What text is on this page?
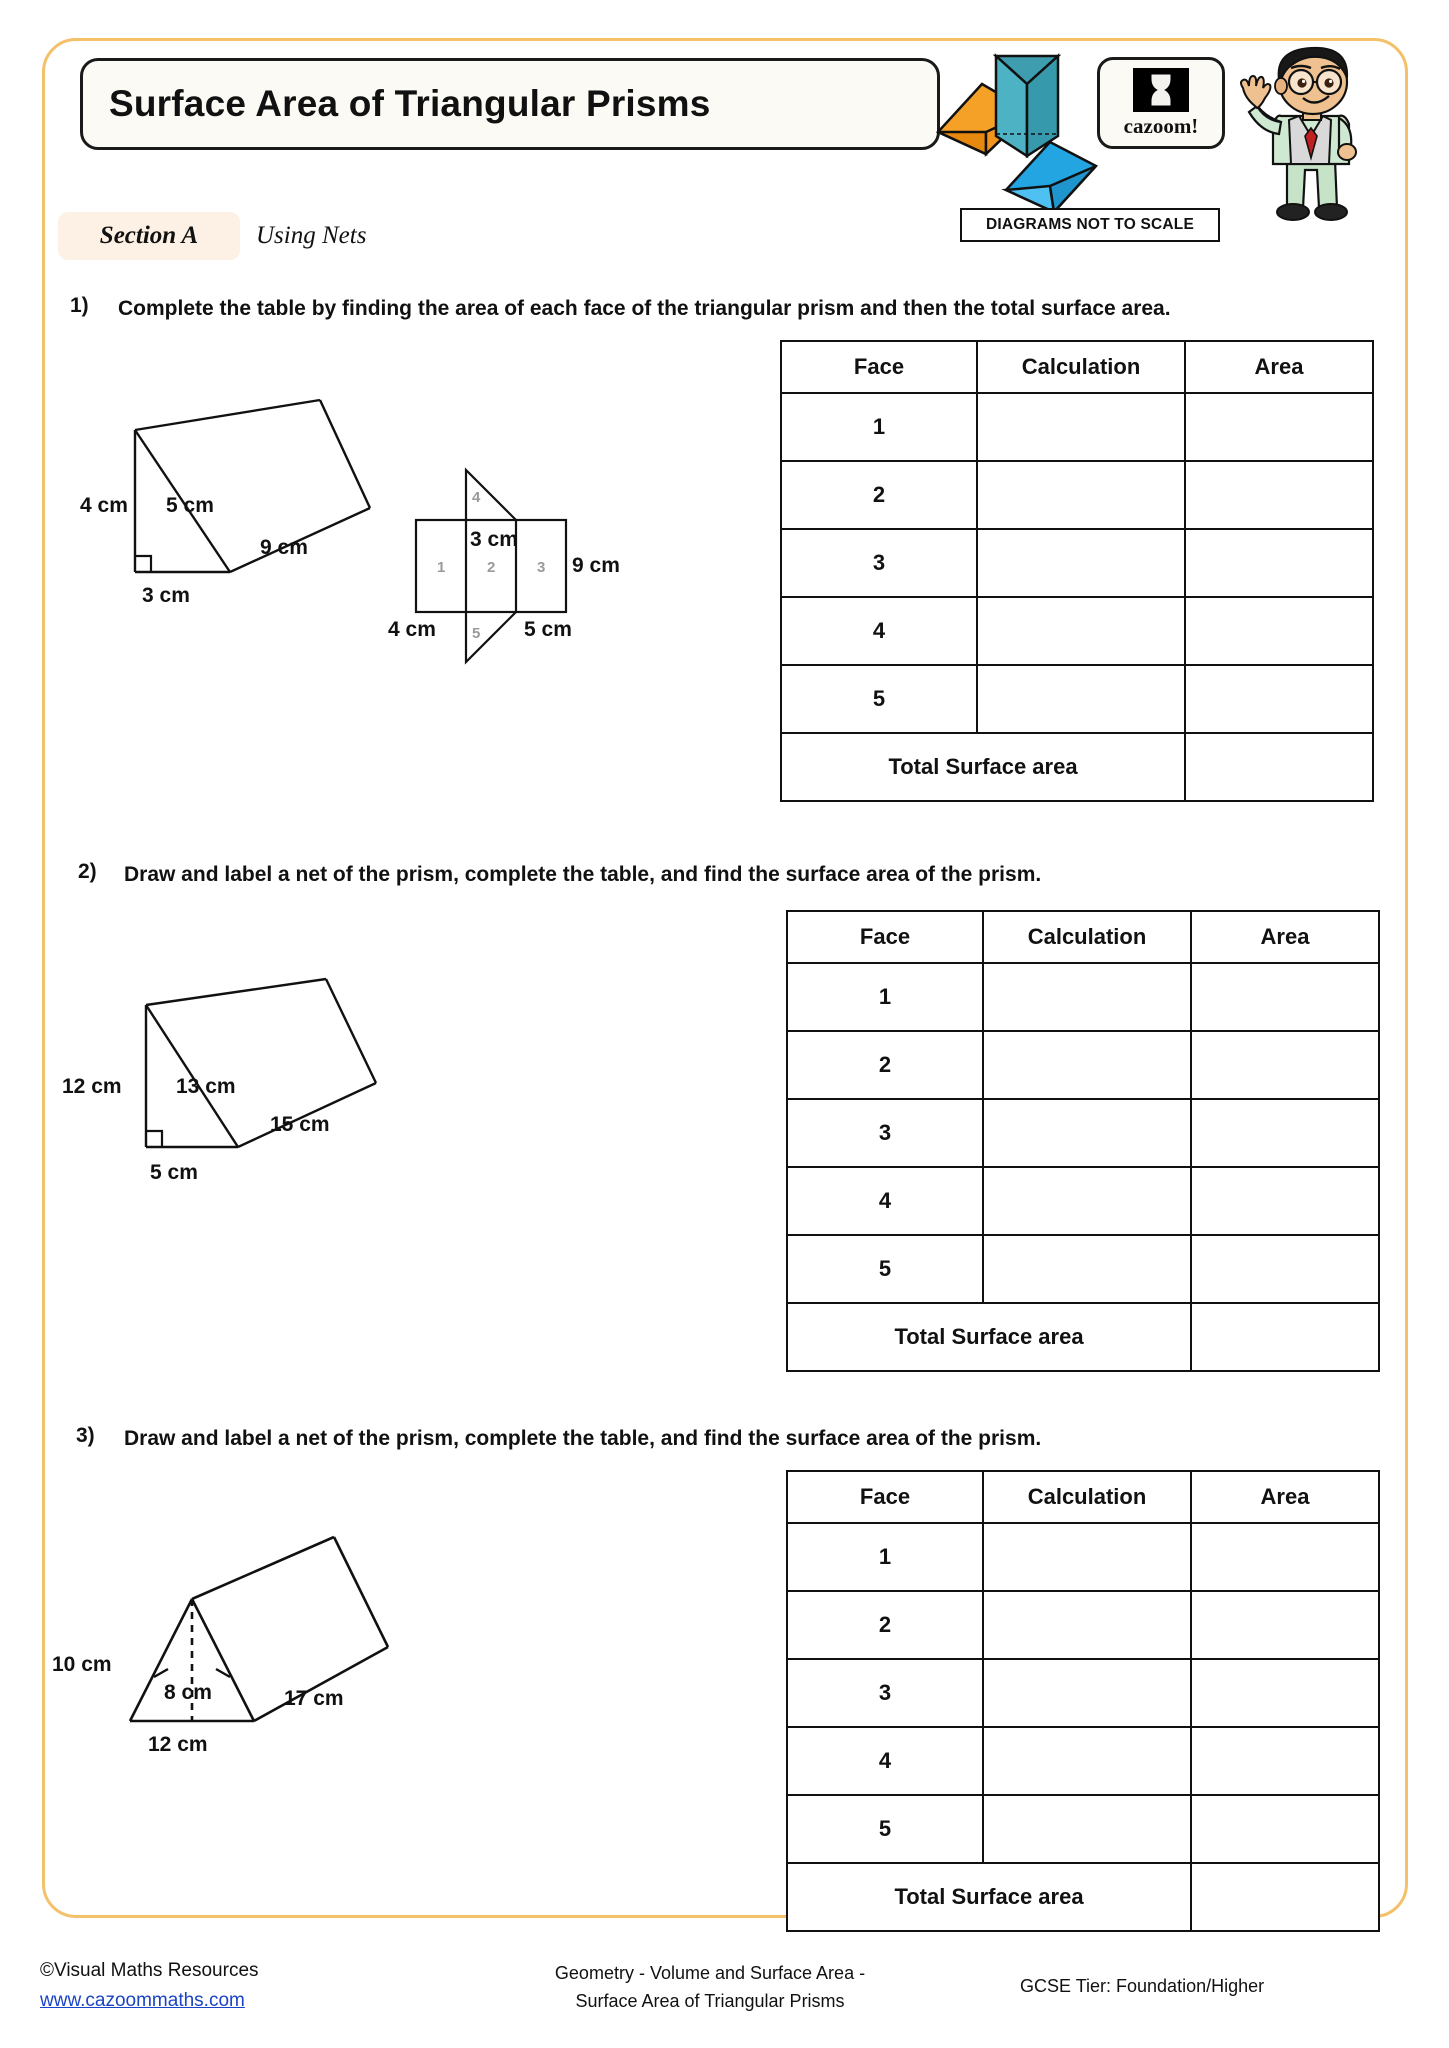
Surface Area of Triangular Prisms
cazoom!
DIAGRAMS NOT TO SCALE
Section A Using Nets
1) Complete the table by finding the area of each face of the triangular prism and then the total surface area.
4 cm 5 cm
3 cm
9 cm
4
3 cm
9 cm
1	2	3
5
4 cm	5 cm
Face	Calculation	Area
1		
2		
3		
4		
5		
Total Surface area		
2) Draw and label a net of the prism, complete the table, and find the surface area of the prism.
12 cm	13 cm
5 cm
15 cm
Face	Calculation	Area
1		
2		
3		
4		
5		
Total Surface area		
3) Draw and label a net of the prism, complete the table, and find the surface area of the prism.
10 cm
8 cm
12 cm
17 cm
Face	Calculation	Area
1		
2		
3		
4		
5		
Total Surface area		
©Visual Maths Resources
www.cazoommaths.com
Geometry - Volume and Surface Area -
Surface Area of Triangular Prisms
GCSE Tier: Foundation/Higher
